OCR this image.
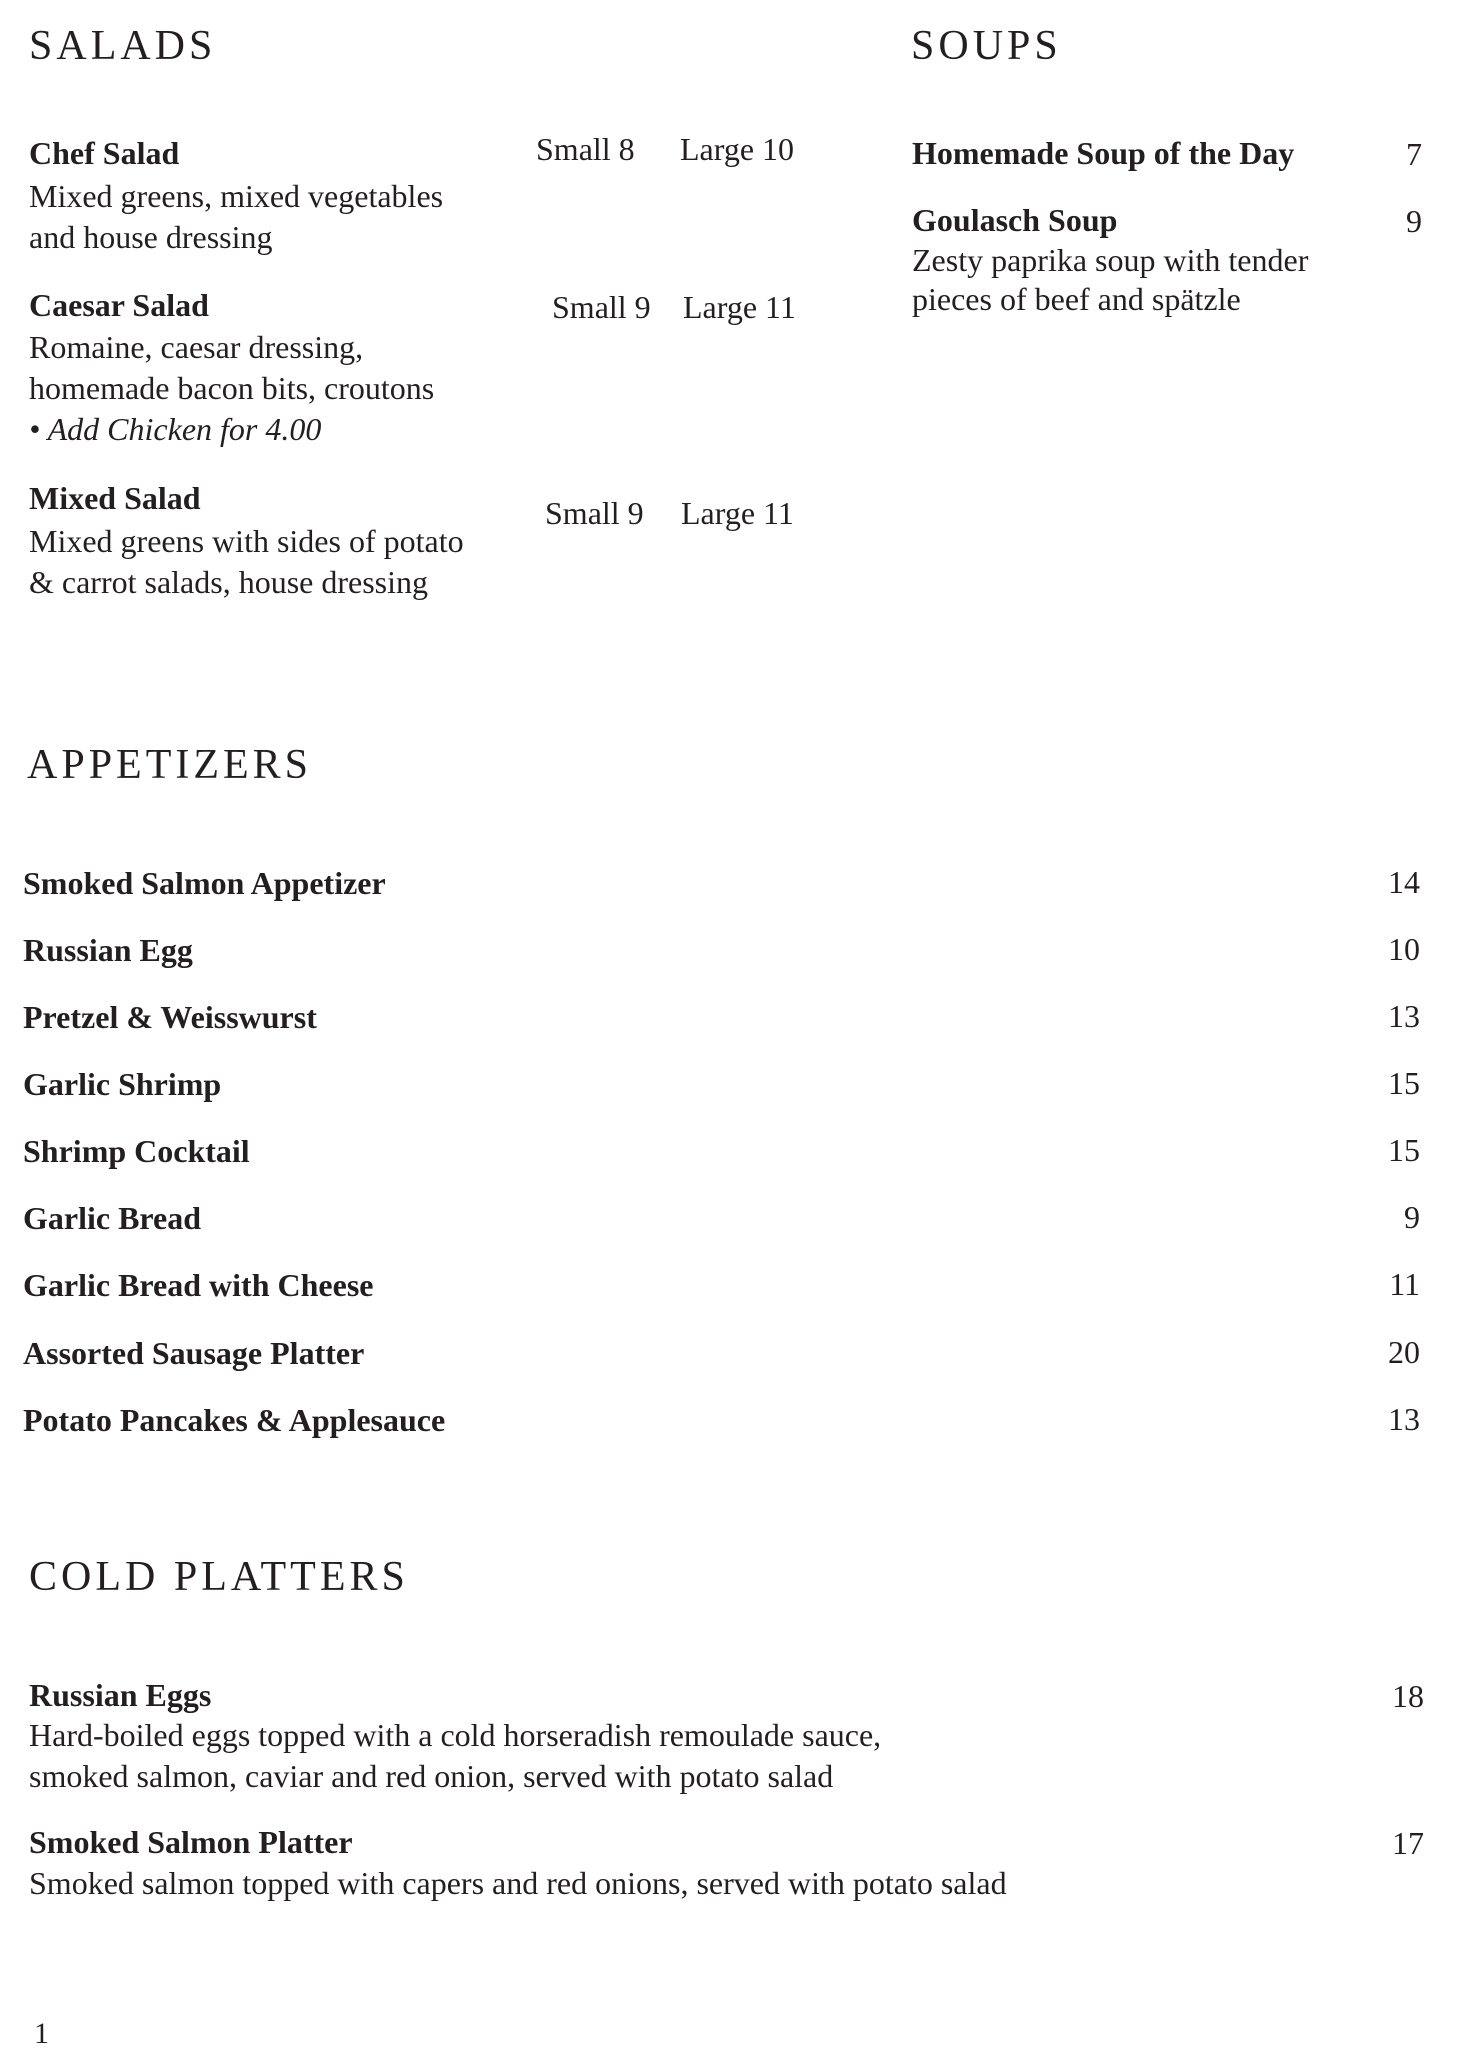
SALADS
Chef Salad
Mixed greens, mixed vegetables
and house dressing
Small 8 Large 10
Caesar Salad
Romaine, caesar dressing,
homemade bacon bits, croutons
• Add Chicken for 4.00
Small 9 Large 11
Mixed Salad
Mixed greens with sides of potato
& carrot salads, house dressing
Small 9 Large 11
SOUPS
Homemade Soup of the Day	7
Goulasch Soup
Zesty paprika soup with tender
pieces of beef and spätzle
9
APPETIZERS
Smoked Salmon Appetizer	14
Russian Egg	10
Pretzel & Weisswurst	13
Garlic Shrimp	15
Shrimp Cocktail	15
Garlic Bread	9
Garlic Bread with Cheese	11
Assorted Sausage Platter	20
Potato Pancakes & Applesauce	13
COLD PLATTERS
Russian Eggs
Hard-boiled eggs topped with a cold horseradish remoulade sauce,
smoked salmon, caviar and red onion, served with potato salad
18
Smoked Salmon Platter
Smoked salmon topped with capers and red onions, served with potato salad
17
1
